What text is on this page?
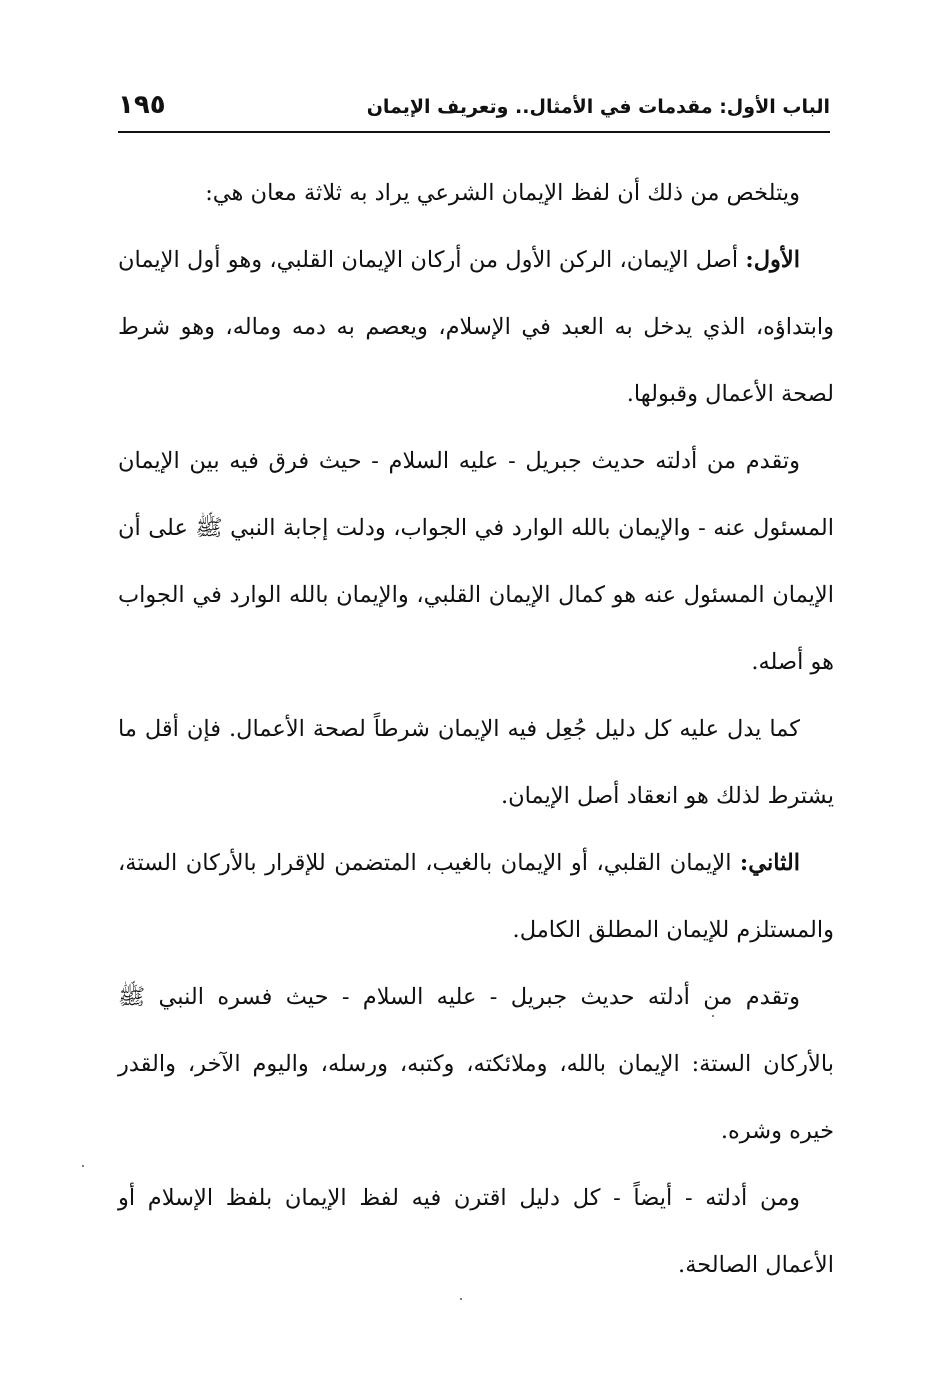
الباب الأول: مقدمات في الأمثال.. وتعريف الإيمان
١٩٥

ويتلخص من ذلك أن لفظ الإيمان الشرعي يراد به ثلاثة معان هي:

الأول: أصل الإيمان، الركن الأول من أركان الإيمان القلبي، وهو أول الإيمان وابتداؤه، الذي يدخل به العبد في الإسلام، ويعصم به دمه وماله، وهو شرط لصحة الأعمال وقبولها.

وتقدم من أدلته حديث جبريل - عليه السلام - حيث فرق فيه بين الإيمان المسئول عنه - والإيمان بالله الوارد في الجواب، ودلت إجابة النبي ﷺ على أن الإيمان المسئول عنه هو كمال الإيمان القلبي، والإيمان بالله الوارد في الجواب هو أصله.

كما يدل عليه كل دليل جُعِل فيه الإيمان شرطاً لصحة الأعمال. فإن أقل ما يشترط لذلك هو انعقاد أصل الإيمان.

الثاني: الإيمان القلبي، أو الإيمان بالغيب، المتضمن للإقرار بالأركان الستة، والمستلزم للإيمان المطلق الكامل.

وتقدم من أدلته حديث جبريل - عليه السلام - حيث فسره النبي ﷺ بالأركان الستة: الإيمان بالله، وملائكته، وكتبه، ورسله، واليوم الآخر، والقدر خيره وشره.

ومن أدلته - أيضاً - كل دليل اقترن فيه لفظ الإيمان بلفظ الإسلام أو الأعمال الصالحة.
